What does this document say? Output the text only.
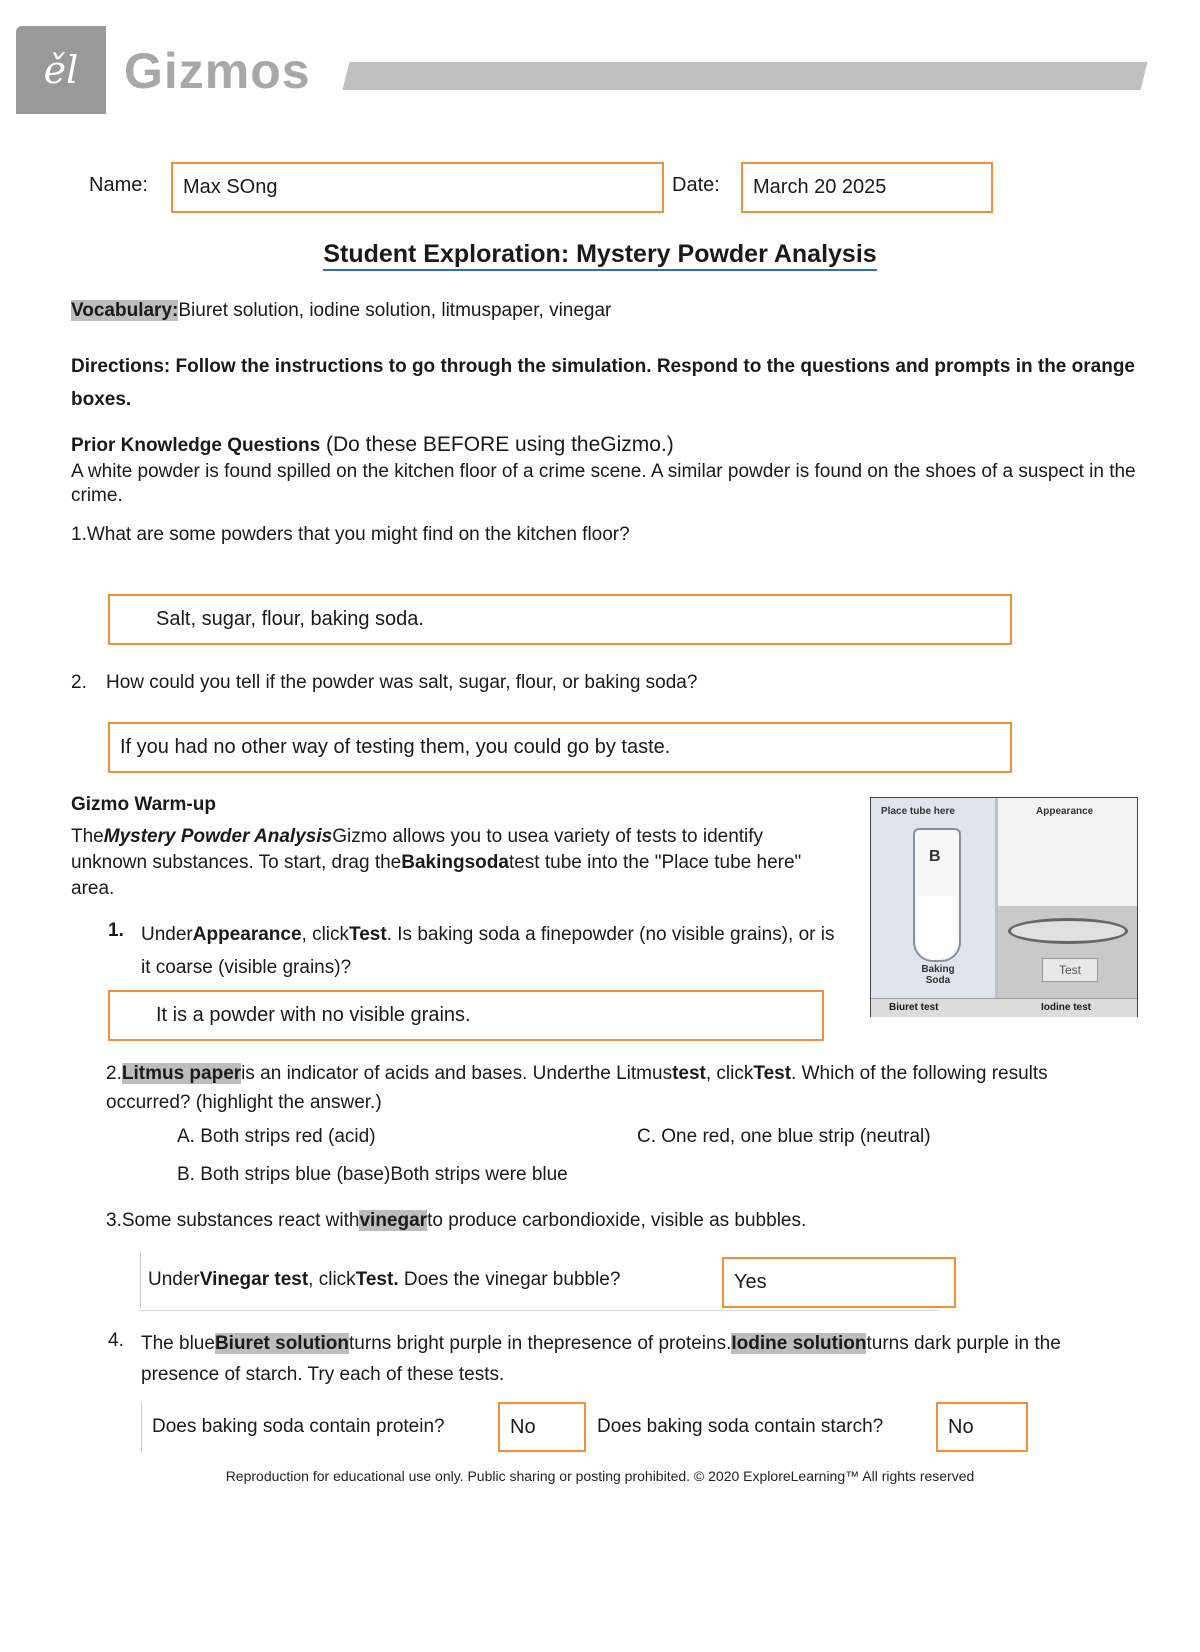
ěl Gizmos
Name:	Max SOng	Date:	March 20 2025
Student Exploration: Mystery Powder Analysis
Vocabulary:Biuret solution, iodine solution, litmuspaper, vinegar
Directions: Follow the instructions to go through the simulation. Respond to the questions and prompts in the orange boxes.
Prior Knowledge Questions (Do these BEFORE using theGizmo.)
A white powder is found spilled on the kitchen floor of a crime scene. A similar powder is found on the shoes of a suspect in the crime.
1.What are some powders that you might find on the kitchen floor?
Salt, sugar, flour, baking soda.
2. How could you tell if the powder was salt, sugar, flour, or baking soda?
If you had no other way of testing them, you could go by taste.
Gizmo Warm-up
TheMystery Powder AnalysisGizmo allows you to usea variety of tests to identify unknown substances. To start, drag theBakingsodatest tube into the "Place tube here" area.
1. UnderAppearance, clickTest. Is baking soda a finepowder (no visible grains), or is it coarse (visible grains)?
It is a powder with no visible grains.
2.Litmus paperis an indicator of acids and bases. Underthe Litmustest, clickTest. Which of the following results occurred? (highlight the answer.)
A. Both strips red (acid)	C. One red, one blue strip (neutral)
B. Both strips blue (base)Both strips were blue
3.Some substances react withvinegarto produce carbondioxide, visible as bubbles.
UnderVinegar test, clickTest. Does the vinegar bubble?	Yes
4. The blueBiuret solutionturns bright purple in thepresence of proteins.Iodine solutionturns dark purple in the presence of starch. Try each of these tests.
Does baking soda contain protein?	No	Does baking soda contain starch?	No
Place tube here
B
Baking Soda
Appearance
Test
Biuret test	Iodine test
Reproduction for educational use only. Public sharing or posting prohibited. © 2020 ExploreLearning™ All rights reserved
